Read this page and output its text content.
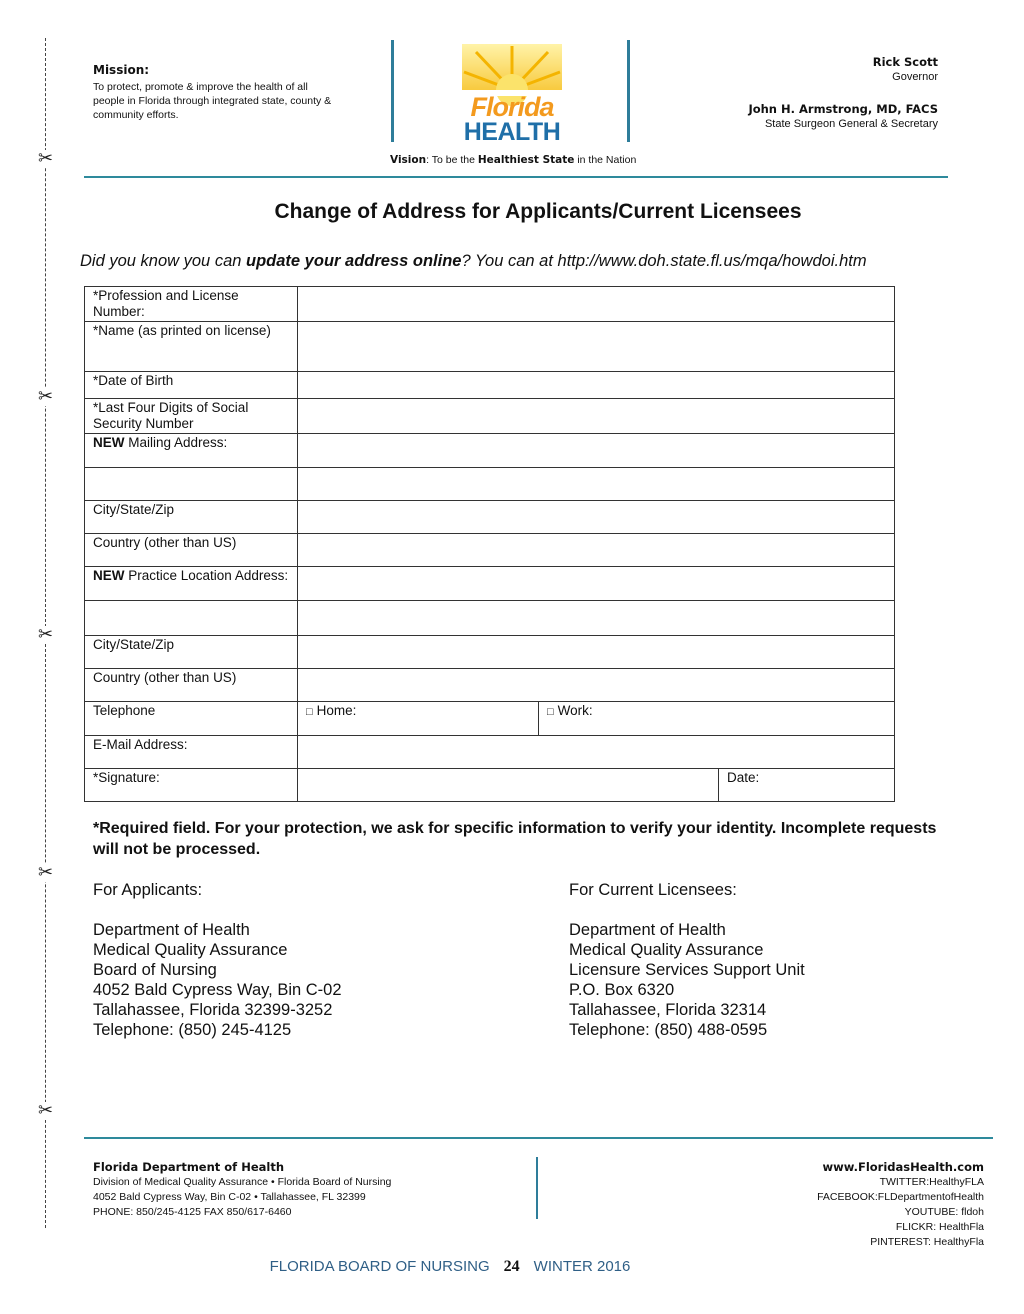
✂
✂
✂
✂
✂
Mission:
To protect, promote & improve the health of all people in Florida through integrated state, county & community efforts.	Florida
HEALTH
Vision: To be the Healthiest State in the Nation
Rick Scott
Governor
John H. Armstrong, MD, FACS
State Surgeon General & Secretary
Change of Address for Applicants/Current Licensees
Did you know you can update your address online? You can at http://www.doh.state.fl.us/mqa/howdoi.htm
*Profession and License Number:			
*Name (as printed on license)			
*Date of Birth			
*Last Four Digits of Social Security Number			
NEW Mailing Address:			

City/State/Zip			
Country (other than US)			
NEW Practice Location Address:			

City/State/Zip			
Country (other than US)			
Telephone	□ Home:	□ Work:	
E-Mail Address:			
*Signature:			Date:
*Required field. For your protection, we ask for specific information to verify your identity. Incomplete requests will not be processed.
For Applicants:
Department of Health
Medical Quality Assurance
Board of Nursing
4052 Bald Cypress Way, Bin C-02
Tallahassee, Florida 32399-3252
Telephone: (850) 245-4125
For Current Licensees:
Department of Health
Medical Quality Assurance
Licensure Services Support Unit
P.O. Box 6320
Tallahassee, Florida 32314
Telephone: (850) 488-0595
Florida Department of Health
Division of Medical Quality Assurance • Florida Board of Nursing
4052 Bald Cypress Way, Bin C-02 • Tallahassee, FL 32399
PHONE: 850/245-4125 FAX 850/617-6460
www.FloridasHealth.com
TWITTER:HealthyFLA
FACEBOOK:FLDepartmentofHealth
YOUTUBE: fldoh
FLICKR: HealthFla
PINTEREST: HealthyFla
FLORIDA BOARD OF NURSING 24 WINTER 2016
